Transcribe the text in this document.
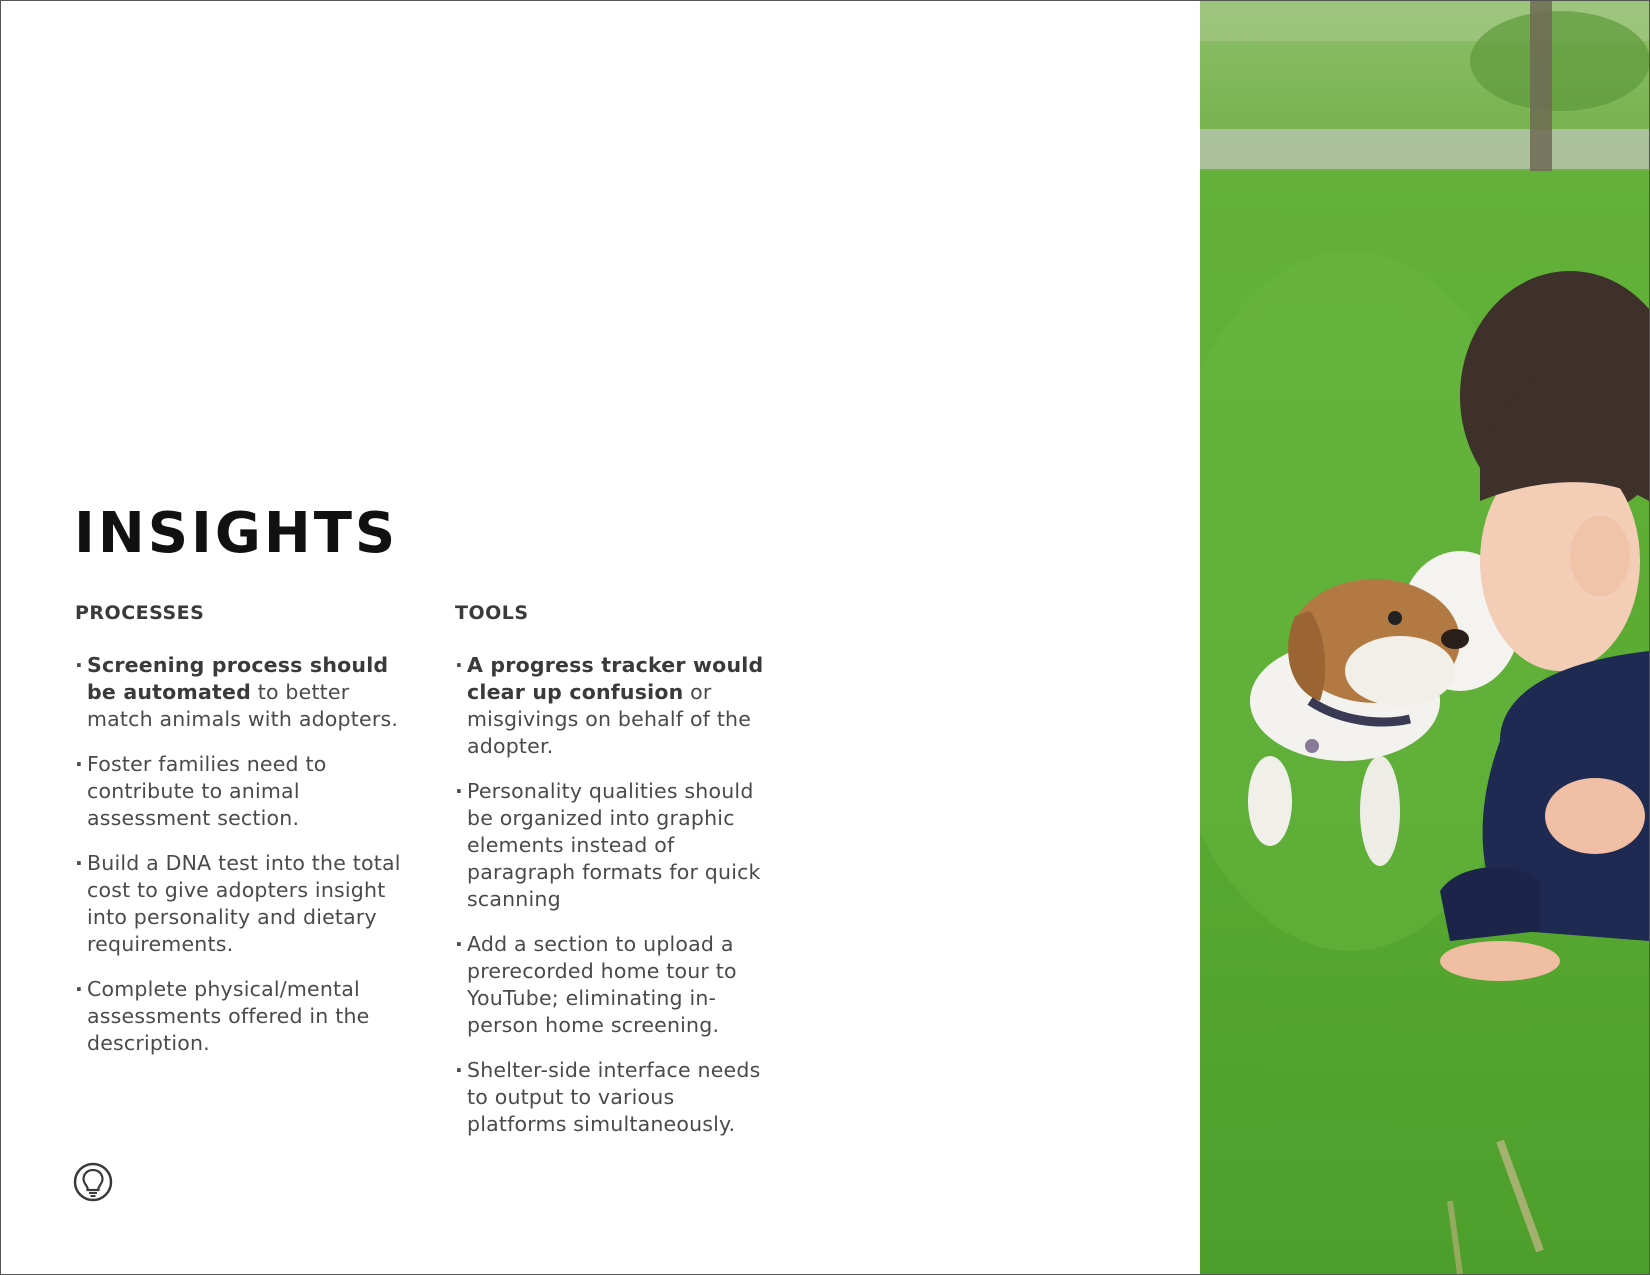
INSIGHTS
PROCESSES
· Screening process should be automated to better match animals with adopters.
· Foster families need to contribute to animal assessment section.
· Build a DNA test into the total cost to give adopters insight into personality and dietary requirements.
· Complete physical/mental assessments offered in the description.
TOOLS
· A progress tracker would clear up confusion or misgivings on behalf of the adopter.
· Personality qualities should be organized into graphic elements instead of paragraph formats for quick scanning
· Add a section to upload a prerecorded home tour to YouTube; eliminating in-person home screening.
· Shelter-side interface needs to output to various platforms simultaneously.
